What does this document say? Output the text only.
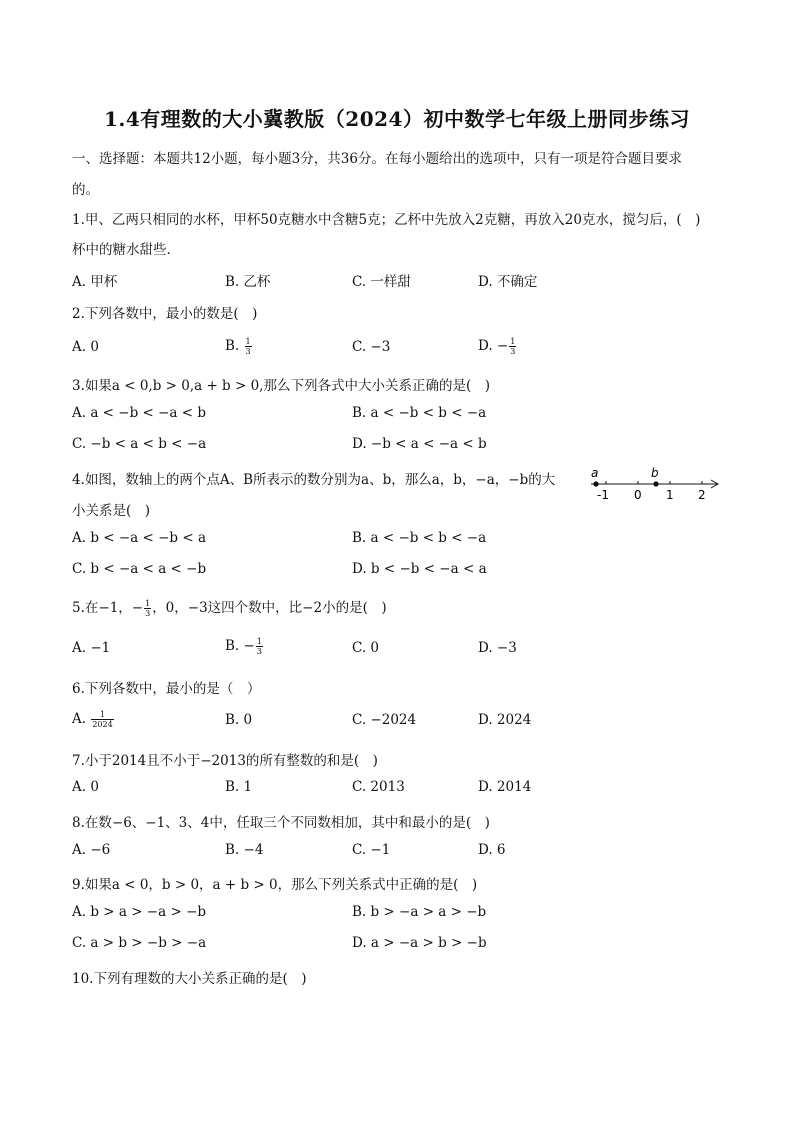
1.4有理数的大小冀教版（2024）初中数学七年级上册同步练习
一、选择题：本题共12小题，每小题3分，共36分。在每小题给出的选项中，只有一项是符合题目要求
的。
1.甲、乙两只相同的水杯，甲杯50克糖水中含糖5克；乙杯中先放入2克糖，再放入20克水，搅匀后，(　)
杯中的糖水甜些．
A. 甲杯	B. 乙杯	C. 一样甜	D. 不确定
2.下列各数中，最小的数是(　)
A. 0	B. $\frac{1}{3}$	C. −3	D. − $\frac{1}{3}$
3.如果a < 0,b > 0,a + b > 0,那么下列各式中大小关系正确的是(　)
A. a < −b < −a < b	B. a < −b < b < −a
C. −b < a < b < −a	D. −b < a < −a < b
4.如图，数轴上的两个点A、B所表示的数分别为a、b，那么a，b，−a，−b的大
小关系是(　)
a	b
-1 0 1 2
A. b < −a < −b < a	B. a < −b < b < −a
C. b < −a < a < −b	D. b < −b < −a < a
5.在−1，− $\frac{1}{3}$ ，0，−3这四个数中，比−2小的是(　)
A. −1	B. − $\frac{1}{3}$	C. 0	D. −3
6.下列各数中，最小的是（　）
A. $\frac{1}{2024}$	B. 0	C. −2024	D. 2024
7.小于2014且不小于−2013的所有整数的和是(　)
A. 0	B. 1	C. 2013	D. 2014
8.在数−6、−1、3、4中，任取三个不同数相加，其中和最小的是(　)
A. −6	B. −4	C. −1	D. 6
9.如果a < 0，b > 0，a + b > 0，那么下列关系式中正确的是(　)
A. b > a > −a > −b	B. b > −a > a > −b
C. a > b > −b > −a	D. a > −a > b > −b
10.下列有理数的大小关系正确的是(　)
